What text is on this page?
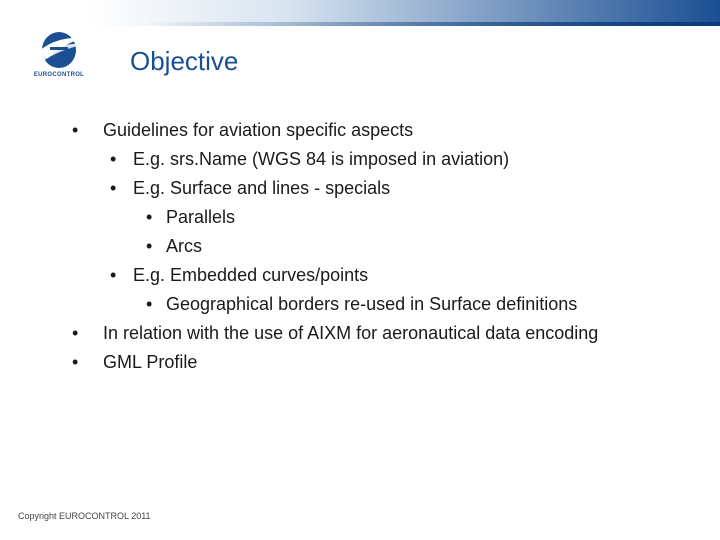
EUROCONTROL Objective
• Guidelines for aviation specific aspects
• E.g. srs.Name (WGS 84 is imposed in aviation)
• E.g. Surface and lines - specials
• Parallels
• Arcs
• E.g. Embedded curves/points
• Geographical borders re-used in Surface definitions
• In relation with the use of AIXM for aeronautical data encoding
• GML Profile
Copyright EUROCONTROL 2011
